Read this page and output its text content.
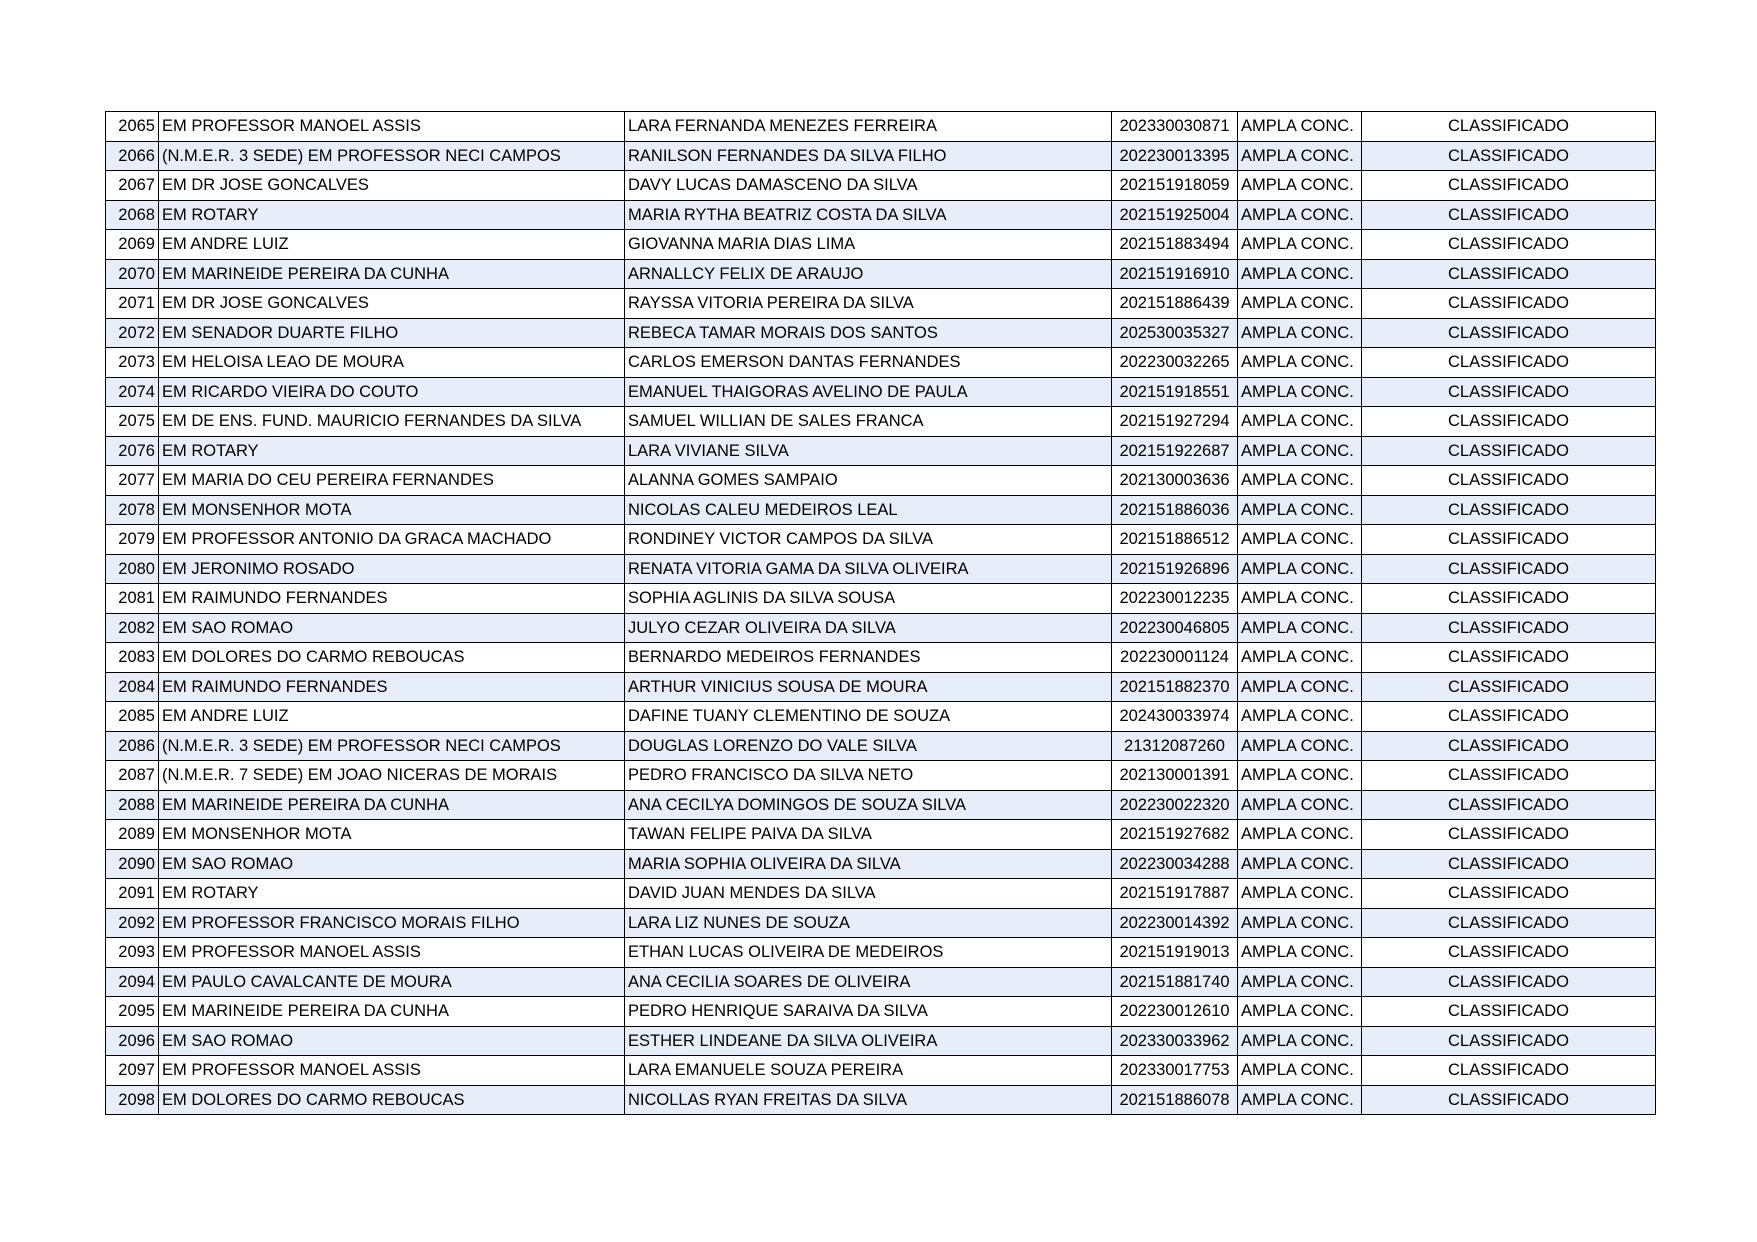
2065	EM PROFESSOR MANOEL ASSIS	LARA FERNANDA MENEZES FERREIRA	202330030871	AMPLA CONC.	CLASSIFICADO
2066	(N.M.E.R. 3 SEDE) EM PROFESSOR NECI CAMPOS	RANILSON FERNANDES DA SILVA FILHO	202230013395	AMPLA CONC.	CLASSIFICADO
2067	EM DR JOSE GONCALVES	DAVY LUCAS DAMASCENO DA SILVA	202151918059	AMPLA CONC.	CLASSIFICADO
2068	EM ROTARY	MARIA RYTHA BEATRIZ COSTA DA SILVA	202151925004	AMPLA CONC.	CLASSIFICADO
2069	EM ANDRE LUIZ	GIOVANNA MARIA DIAS LIMA	202151883494	AMPLA CONC.	CLASSIFICADO
2070	EM MARINEIDE PEREIRA DA CUNHA	ARNALLCY FELIX DE ARAUJO	202151916910	AMPLA CONC.	CLASSIFICADO
2071	EM DR JOSE GONCALVES	RAYSSA VITORIA PEREIRA DA SILVA	202151886439	AMPLA CONC.	CLASSIFICADO
2072	EM SENADOR DUARTE FILHO	REBECA TAMAR MORAIS DOS SANTOS	202530035327	AMPLA CONC.	CLASSIFICADO
2073	EM HELOISA LEAO DE MOURA	CARLOS EMERSON DANTAS FERNANDES	202230032265	AMPLA CONC.	CLASSIFICADO
2074	EM RICARDO VIEIRA DO COUTO	EMANUEL THAIGORAS AVELINO DE PAULA	202151918551	AMPLA CONC.	CLASSIFICADO
2075	EM DE ENS. FUND. MAURICIO FERNANDES DA SILVA	SAMUEL WILLIAN DE SALES FRANCA	202151927294	AMPLA CONC.	CLASSIFICADO
2076	EM ROTARY	LARA VIVIANE SILVA	202151922687	AMPLA CONC.	CLASSIFICADO
2077	EM MARIA DO CEU PEREIRA FERNANDES	ALANNA GOMES SAMPAIO	202130003636	AMPLA CONC.	CLASSIFICADO
2078	EM MONSENHOR MOTA	NICOLAS CALEU MEDEIROS LEAL	202151886036	AMPLA CONC.	CLASSIFICADO
2079	EM PROFESSOR ANTONIO DA GRACA MACHADO	RONDINEY VICTOR CAMPOS DA SILVA	202151886512	AMPLA CONC.	CLASSIFICADO
2080	EM JERONIMO ROSADO	RENATA VITORIA GAMA DA SILVA OLIVEIRA	202151926896	AMPLA CONC.	CLASSIFICADO
2081	EM RAIMUNDO FERNANDES	SOPHIA AGLINIS DA SILVA SOUSA	202230012235	AMPLA CONC.	CLASSIFICADO
2082	EM SAO ROMAO	JULYO CEZAR OLIVEIRA DA SILVA	202230046805	AMPLA CONC.	CLASSIFICADO
2083	EM DOLORES DO CARMO REBOUCAS	BERNARDO MEDEIROS FERNANDES	202230001124	AMPLA CONC.	CLASSIFICADO
2084	EM RAIMUNDO FERNANDES	ARTHUR VINICIUS SOUSA DE MOURA	202151882370	AMPLA CONC.	CLASSIFICADO
2085	EM ANDRE LUIZ	DAFINE TUANY CLEMENTINO DE SOUZA	202430033974	AMPLA CONC.	CLASSIFICADO
2086	(N.M.E.R. 3 SEDE) EM PROFESSOR NECI CAMPOS	DOUGLAS LORENZO DO VALE SILVA	21312087260	AMPLA CONC.	CLASSIFICADO
2087	(N.M.E.R. 7 SEDE) EM JOAO NICERAS DE MORAIS	PEDRO FRANCISCO DA SILVA NETO	202130001391	AMPLA CONC.	CLASSIFICADO
2088	EM MARINEIDE PEREIRA DA CUNHA	ANA CECILYA DOMINGOS DE SOUZA SILVA	202230022320	AMPLA CONC.	CLASSIFICADO
2089	EM MONSENHOR MOTA	TAWAN FELIPE PAIVA DA SILVA	202151927682	AMPLA CONC.	CLASSIFICADO
2090	EM SAO ROMAO	MARIA SOPHIA OLIVEIRA DA SILVA	202230034288	AMPLA CONC.	CLASSIFICADO
2091	EM ROTARY	DAVID JUAN MENDES DA SILVA	202151917887	AMPLA CONC.	CLASSIFICADO
2092	EM PROFESSOR FRANCISCO MORAIS FILHO	LARA LIZ NUNES DE SOUZA	202230014392	AMPLA CONC.	CLASSIFICADO
2093	EM PROFESSOR MANOEL ASSIS	ETHAN LUCAS OLIVEIRA DE MEDEIROS	202151919013	AMPLA CONC.	CLASSIFICADO
2094	EM PAULO CAVALCANTE DE MOURA	ANA CECILIA SOARES DE OLIVEIRA	202151881740	AMPLA CONC.	CLASSIFICADO
2095	EM MARINEIDE PEREIRA DA CUNHA	PEDRO HENRIQUE SARAIVA DA SILVA	202230012610	AMPLA CONC.	CLASSIFICADO
2096	EM SAO ROMAO	ESTHER LINDEANE DA SILVA OLIVEIRA	202330033962	AMPLA CONC.	CLASSIFICADO
2097	EM PROFESSOR MANOEL ASSIS	LARA EMANUELE SOUZA PEREIRA	202330017753	AMPLA CONC.	CLASSIFICADO
2098	EM DOLORES DO CARMO REBOUCAS	NICOLLAS RYAN FREITAS DA SILVA	202151886078	AMPLA CONC.	CLASSIFICADO
